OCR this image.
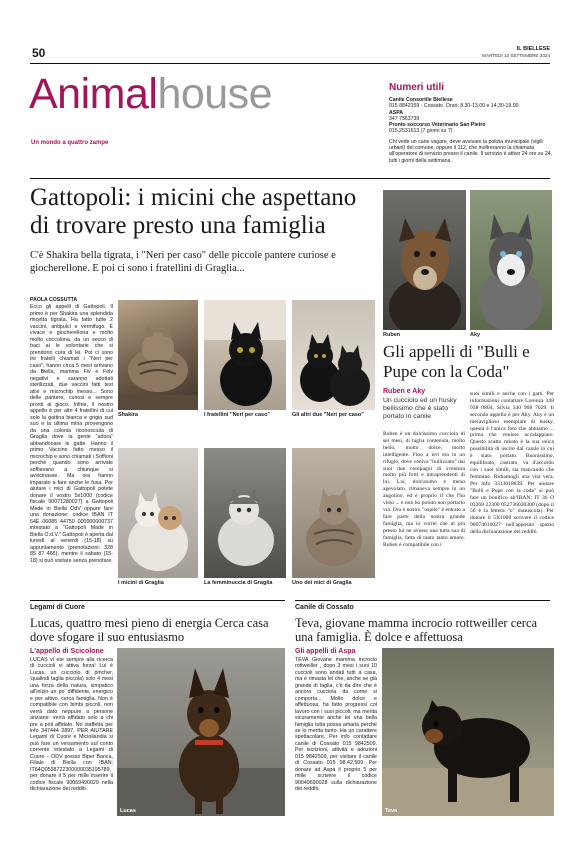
50	IL BIELLESE
MARTEDÌ 10 SETTEMBRE 2024
Animalhouse
Un mondo a quattro zampe
Numeri utili
Canile Consortile Biellese
015 8842159 - Cossato. Orari: 8.30-13.00 e 14.30-19.00
ASPA
347 7563739
Pronto soccorso Veterinario San Pietro
015.2531613 (7 giorni su 7)
Chi vede un cane vagare, deve avvisare la polizia municipale (vigili urbani) del comune, oppure il 112, che inoltreranno la chiamata all'operatore di servizio presso il canile. Il servizio è attivo 24 ore su 24, tutti i giorni della settimana.
Gattopoli: i micini che aspettano di trovare presto una famiglia
C'è Shakira bella tigrata, i "Neri per caso" delle piccole pantere curiose e giocherellone. E poi ci sono i fratellini di Graglia...
PAOLA COSSUTTA
Ecco gli appelli di Gattopoli. Il primo è per Shakira una splendida micetta tigrata. Ha fatto tutte 2 vaccini, antipulci e vermifugo. È vivace e giocherellona e molto molto coccolona, da un secco di baci ai le volontarie che si prendono cura di lei. Poi ci sono tre fratelli chiamati i "Neri per caso", hanno circa 5 mesi arrivano da Biella, mamma Fiv e Felv negativi e saranno adottati sterilizzati, due vaccini fatti test ativi e microchip messo... Sono delle pantere, curiosi e sempre pronti al gioco. Infine, il nostro appello è per altri 4 fratellini di cui solo la gattina bianca e grigia sud suo e la ultima mina provengono da una colonia riconosciuta di Graglia dove la gente "adora" abbandonare le gatte. Hanno il primo Vaccino fatto messo il microchip e sono chiamati i Soffioni perché quando sono arrivate soffiavano a chiunque si avvicinasse. Ma ora hanno imparato a fare anche le fusa. Per aiutare i mici di Gattopoli potete donare il vostro 5x1000 (codice fiscale 90071280027) a Gattopoli Made in Biella OdV oppure fare una donazione: codice IBAN IT 64E 06085 44750 000000000737 intestato a "Gattopoli Made in Biella O.d.V." Gattopoli è aperta dal lunedì al venerdì (15-18) su appuntamento (prenotazioni: 328 85 87 465), mentre il sabato (15-18) si può visitare senza prenotare.
Shakira	I fratellini "Neri per caso"	Gli altri due "Neri per caso"
I micini di Graglia	La femminuccia di Graglia	Uno dei mici di Graglia
Ruben	Aky
Gli appelli di "Bulli e Pupe con la Coda"
Ruben e Aky
Un cucciolo ed un husky bellissimo che è stato portato in canile
Ruben è un dolcissimo cucciolo di sei mesi, di taglia contenuta, molto bello, molto dolce, molto intelligente. Fino a ieri era in un rifugio, dove veniva "bullizzato" dai suoi due compagni di sventura molto più forti e intraprendenti di lui. Lui, dolcissimo e meno agevolato, rimaneva sempre in un angolino, ed è proprio il che l'ho visto ... e non ho potuto non portarlo via. Ora è nostro "ospite" è entrato a fare parte della nostra grande famiglia, ma io vorrei che al più presto lui ne avesse una tutta sua di famiglia, fatta di tanto tanto amore. Ruben è compatibile con i
suoi simili e anche con i gatti. Per informazioni contattare Lorenza 348 938 0804, Silvia 340 908 7029. Il secondo appello è per Aky. Aky è un meraviglioso esemplare di husky, questa è l'unica foto che abbiamo ... prima che venisse accalappiato. Questo scatto rubato è la sua unica possibilità di uscire dal canile in cui è stato portato. Buonissimo, equilibrato, castrato, va d'accordo con i suoi simili, sta mancando che femmine. Ridiamogli una vita vera. Per info 3313018839. Per aiutare "Bulli e Pupe con la coda" si può fare un bonifico all'IBAN: IT 36 O 03268 22300 052736030300 (dopo il 56 è la lettera "o" maiuscola). Per donare il 5X1000 scrivere il codice 90074010027 nell'apposito spazio della dichiarazione dei redditi.
Legami di Cuore
Lucas, quattro mesi pieno di energia Cerca casa dove sfogare il suo entusiasmo
L'appello di Scicolone
LUCAS vi ete sempre alla ricerca di cuccioli vi attiva forza! Lui è Lucas, un cucciolo di pincher, 'qualindi taglia piccola) solo 4 mesi una forza della natura, simpatico all'inizio un po' diffidente, energico e per attivo, cerca famiglia. Non è compatibile con bimbi piccoli, non verrà dato neppure a persone anziane: verrà affidato solo a chi pre a poli affidato. No staffetta per info 347444 2897. PER AIUTARE Legami di Cuore e Micioilandia si può fare un versamento sul conto corrente intestato a Legami di Cuore – ODV presso Biper Banca, Filiale di Biella con IBAN: IT64Q0538722300000035195789, per donare il 5 per mille inserire il codice fiscale 90069490029 nella dichiarazione dei redditi.
Lucas
Canile di Cossato
Teva, giovane mamma incrocio rottweiller cerca una famiglia. È dolce e affettuosa
Gli appelli di Aspa
TEVA Giovane mamma incrocio rottweiller , dopo 3 mesi i suoi 10 cuccioli sono andati tutti a casa, ma è rimasta lei che, anche se già grande di taglia, c'è da dire che è ancora cucciola da come si comporta... Molto dolce e affettuosa, ha fatto progressi col lavoro con i suoi piccoli, ma merita sicuramente anche lei una bella famiglia tutta possa amarla perché se lo merita tanto. Ha un carattere spettacolare. Per info contattare canile di Cossato 015 9842509. Per iscrizioni, attività e adozioni 015 9842509, per visitare il canile di Cossato 015 98.42.509. Per donare ad Aspa il proprio 5 per mille scrivere il codice 90049690028 sulla dichiarazione dei redditi.
Teva
